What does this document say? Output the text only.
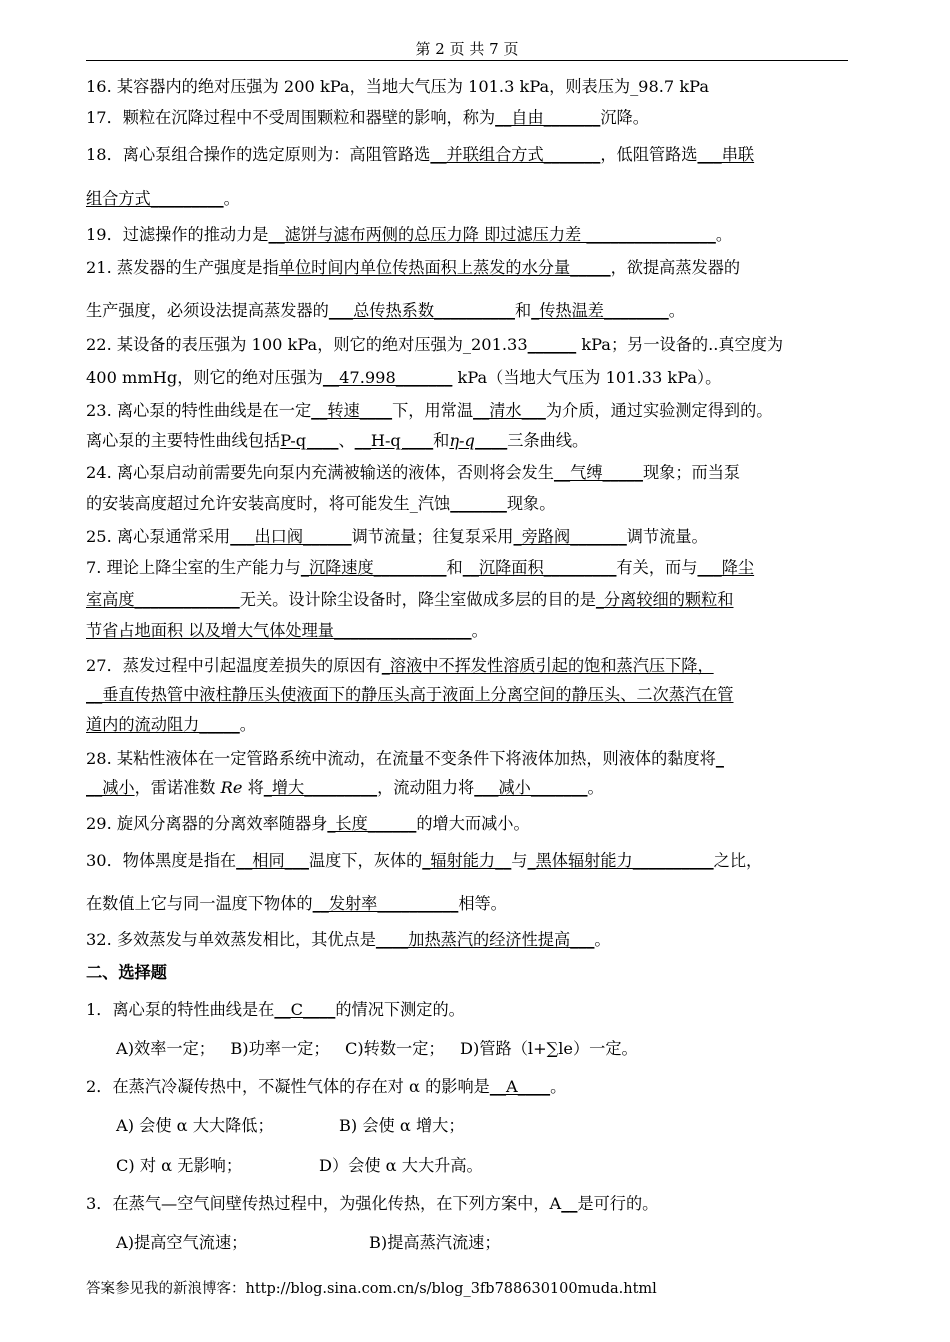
第 2 页 共 7 页
16. 某容器内的绝对压强为 200 kPa，当地大气压为 101.3 kPa，则表压为_98.7 kPa
17．颗粒在沉降过程中不受周围颗粒和器壁的影响，称为__自由_______沉降。
18．离心泵组合操作的选定原则为：高阻管路选__并联组合方式_______，低阻管路选___串联
组合方式_________。
19．过滤操作的推动力是__滤饼与滤布两侧的总压力降 即过滤压力差 ________________。
21. 蒸发器的生产强度是指单位时间内单位传热面积上蒸发的水分量_____，欲提高蒸发器的
生产强度，必须设法提高蒸发器的___总传热系数__________和_传热温差________。
22. 某设备的表压强为 100 kPa，则它的绝对压强为_201.33______ kPa；另一设备的..真空度为
400 mmHg，则它的绝对压强为__47.998_______ kPa（当地大气压为 101.33 kPa）。
23. 离心泵的特性曲线是在一定__转速____下，用常温__清水___为介质，通过实验测定得到的。
离心泵的主要特性曲线包括P-q____、__H-q____和η-q____三条曲线。
24. 离心泵启动前需要先向泵内充满被输送的液体，否则将会发生__气缚_____现象；而当泵
的安装高度超过允许安装高度时，将可能发生_汽蚀_______现象。
25. 离心泵通常采用___出口阀______调节流量；往复泵采用_旁路阀_______调节流量。
7. 理论上降尘室的生产能力与_沉降速度_________和__沉降面积_________有关，而与___降尘
室高度_____________无关。设计除尘设备时，降尘室做成多层的目的是_分离较细的颗粒和
节省占地面积 以及增大气体处理量_________________。
27．蒸发过程中引起温度差损失的原因有_溶液中不挥发性溶质引起的饱和蒸汽压下降，
__垂直传热管中液柱静压头使液面下的静压头高于液面上分离空间的静压头、二次蒸汽在管
道内的流动阻力_____。
28. 某粘性液体在一定管路系统中流动，在流量不变条件下将液体加热，则液体的黏度将_
__减小，雷诺准数 Re 将_增大_________，流动阻力将___减小_______。
29. 旋风分离器的分离效率随器身_长度______的增大而减小。
30．物体黑度是指在__相同___温度下，灰体的_辐射能力__与_黑体辐射能力__________之比，
在数值上它与同一温度下物体的__发射率__________相等。
32. 多效蒸发与单效蒸发相比，其优点是____加热蒸汽的经济性提高___。
二、选择题
1．离心泵的特性曲线是在__C____的情况下测定的。
A)效率一定；   B)功率一定；   C)转数一定；   D)管路（l+∑le）一定。
2．在蒸汽冷凝传热中，不凝性气体的存在对 α 的影响是__A____。
A) 会使 α 大大降低；	B) 会使 α 增大；
C) 对 α 无影响；	D）会使 α 大大升高。
3．在蒸气—空气间壁传热过程中，为强化传热，在下列方案中，A__是可行的。
A)提高空气流速；	B)提高蒸汽流速；
答案参见我的新浪博客：http://blog.sina.com.cn/s/blog_3fb788630100muda.html
